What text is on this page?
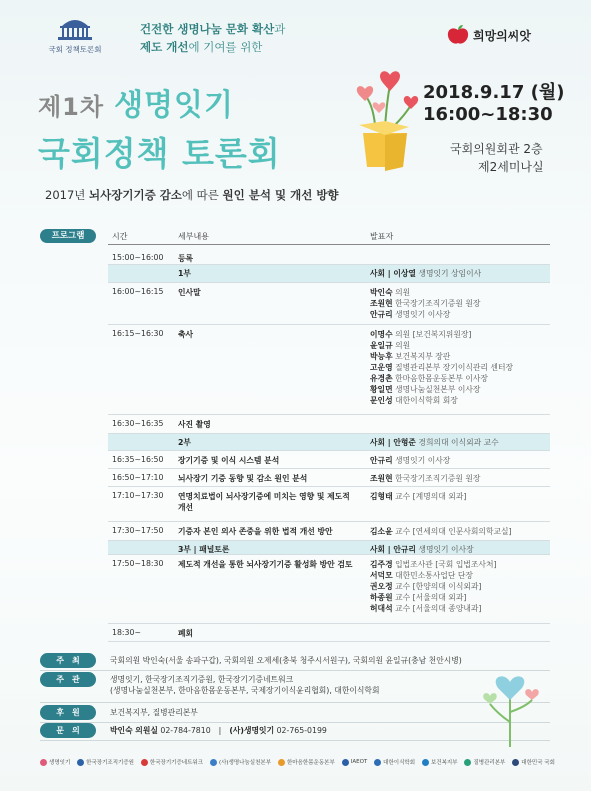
국회 정책토론회
건전한 생명나눔 문화 확산과
제도 개선에 기여를 위한
희망의씨앗
제1차 생명잇기
국회정책 토론회
2018.9.17 (월)
16:00~18:30
국회의원회관 2층
제2세미나실
2017년 뇌사장기기증 감소에 따른 원인 분석 및 개선 방향
프로그램	시간	세부내용	발표자
15:00~16:00 등록
1부	사회 | 이상열 생명잇기 상임이사
16:00~16:15 인사말	박인숙 의원
조원현 한국장기조직기증원 원장
안규리 생명잇기 이사장
16:15~16:30 축사	이명수 의원 [보건복지위원장]
윤일규 의원
박능후 보건복지부 장관
고운영 질병관리본부 장기이식관리 센터장
유경촌 한마음한몸운동본부 이사장
황일면 생명나눔실천본부 이사장
문인성 대한이식학회 회장
16:30~16:35 사진 촬영
2부	사회 | 안형준 경희의대 이식외과 교수
16:35~16:50 장기기증 및 이식 시스템 분석	안규리 생명잇기 이사장
16:50~17:10 뇌사장기 기증 동향 및 감소 원인 분석	조원현 한국장기조직기증원 원장
17:10~17:30 연명치료법이 뇌사장기증에 미치는 영향 및 제도적 개선
김형태 교수 [계명의대 외과]
17:30~17:50 기증자 본인 의사 존중을 위한 법적 개선 방안	김소윤 교수 [연세의대 인문사회의학교실]
3부 | 패널토론	사회 | 안규리 생명잇기 이사장
17:50~18:30 제도적 개선을 통한 뇌사장기기증 활성화 방안 검토	김주경 입법조사관 [국회 입법조사처]
서덕모 대한민소통사업단 단장
권오정 교수 [한양의대 이식외과]
하종원 교수 [서울의대 외과]
허대석 교수 [서울의대 종양내과]
18:30~	폐회
주최	국회의원 박인숙(서울 송파구갑), 국회의원 오제세(충북 청주시서원구), 국회의원 윤일규(충남 천안시병)
주관	생명잇기, 한국장기조직기증원, 한국장기기증네트워크
(생명나눔실천본부, 한마음한몸운동본부, 국제장기이식윤리협회), 대한이식학회
후원	보건복지부, 질병관리본부
문의	박인숙 의원실 02-784-7810 | (사)생명잇기 02-765-0199
생명잇기	한국장기조직기증원	한국장기기증네트워크	(사)생명나눔실천본부	한마음한몸운동본부	IAEOT	대한이식학회	보건복지부	질병관리본부	대한민국 국회
